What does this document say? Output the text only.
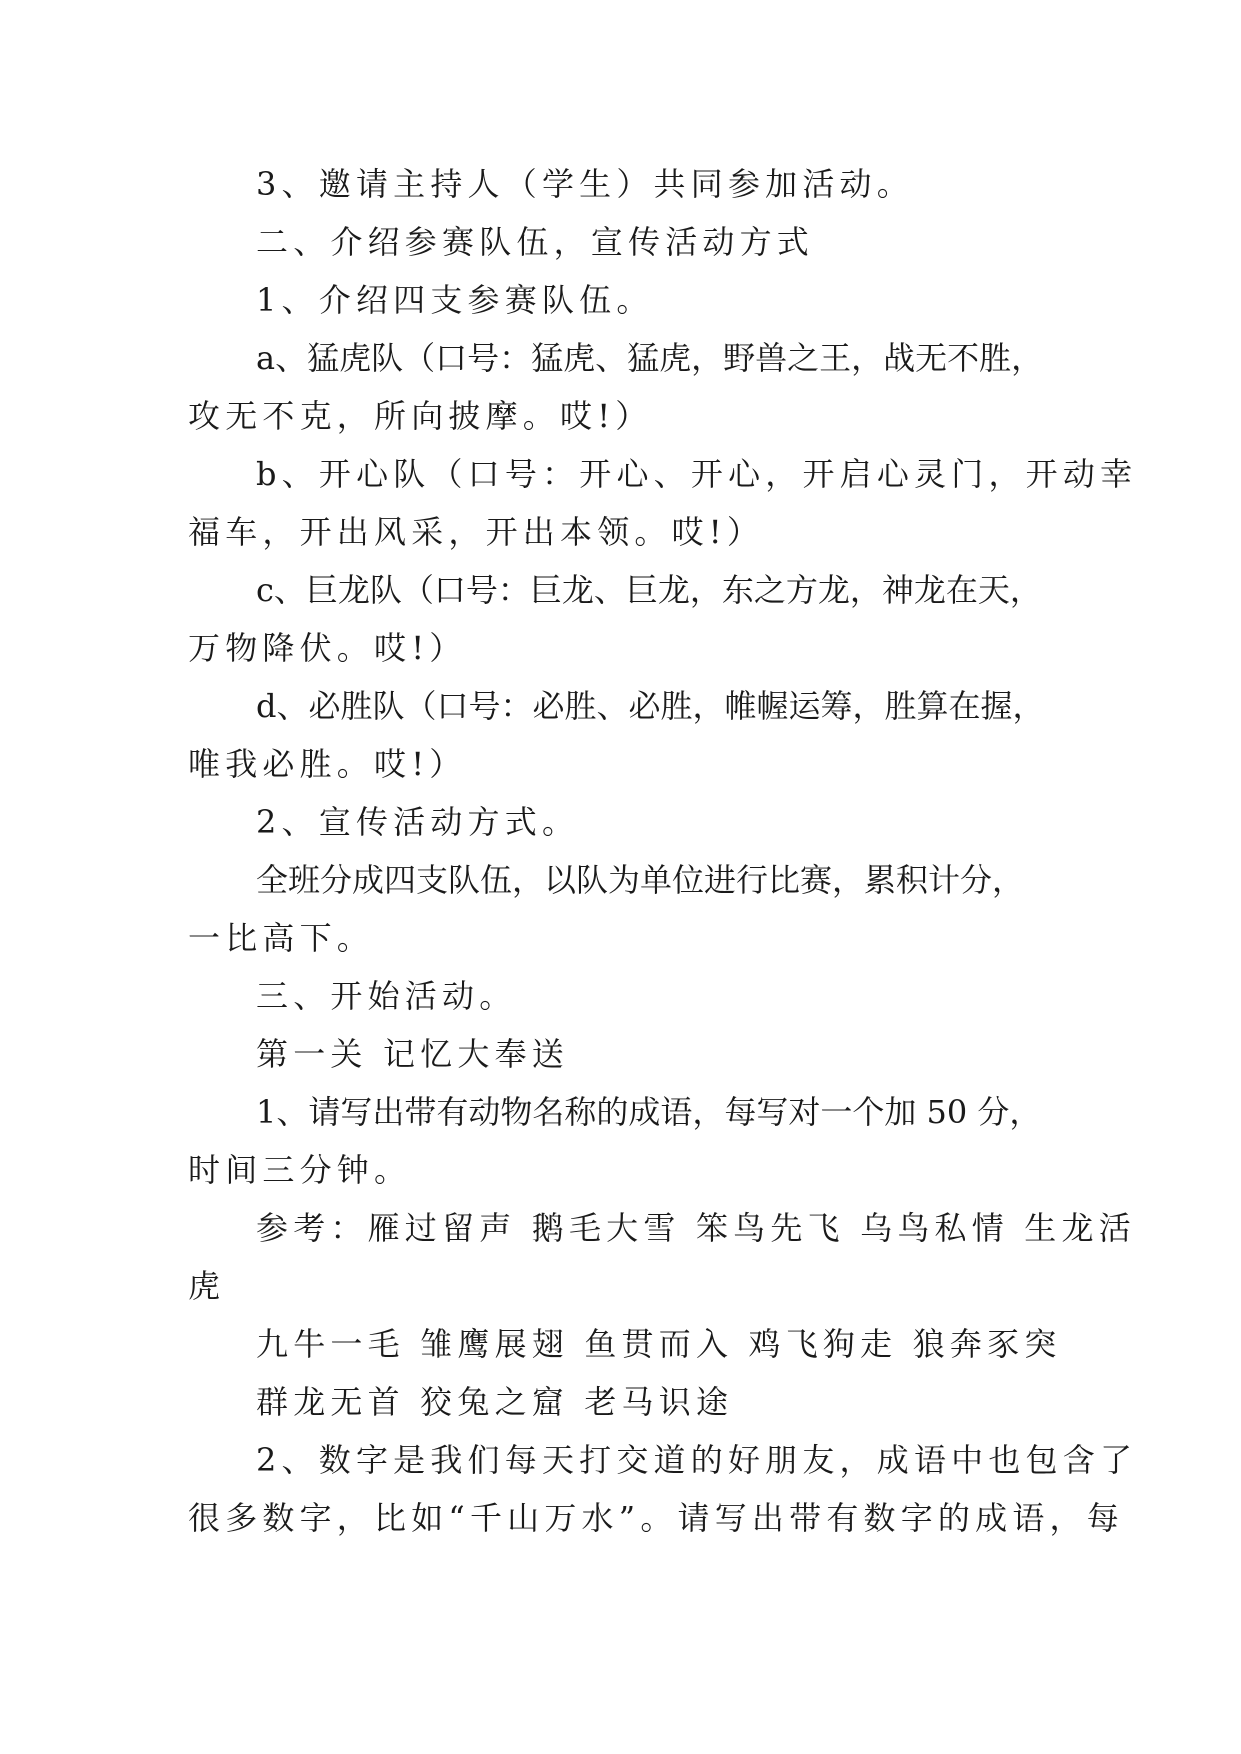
3、邀请主持人（学生）共同参加活动。
二、介绍参赛队伍，宣传活动方式
1、介绍四支参赛队伍。
a、猛虎队（口号：猛虎、猛虎，野兽之王，战无不胜，
攻无不克，所向披摩。哎!）
b、开心队（口号：开心、开心，开启心灵门，开动幸
福车，开出风采，开出本领。哎!）
c、巨龙队（口号：巨龙、巨龙，东之方龙，神龙在天，
万物降伏。哎!）
d、必胜队（口号：必胜、必胜，帷幄运筹，胜算在握，
唯我必胜。哎!）
2、宣传活动方式。
全班分成四支队伍，以队为单位进行比赛，累积计分，
一比高下。
三、开始活动。
第一关 记忆大奉送
1、请写出带有动物名称的成语，每写对一个加 50 分，
时间三分钟。
参考：雁过留声 鹅毛大雪 笨鸟先飞 乌鸟私情 生龙活
虎
九牛一毛 雏鹰展翅 鱼贯而入 鸡飞狗走 狼奔豕突
群龙无首 狡兔之窟 老马识途
2、数字是我们每天打交道的好朋友，成语中也包含了
很多数字，比如“千山万水”。请写出带有数字的成语，每
